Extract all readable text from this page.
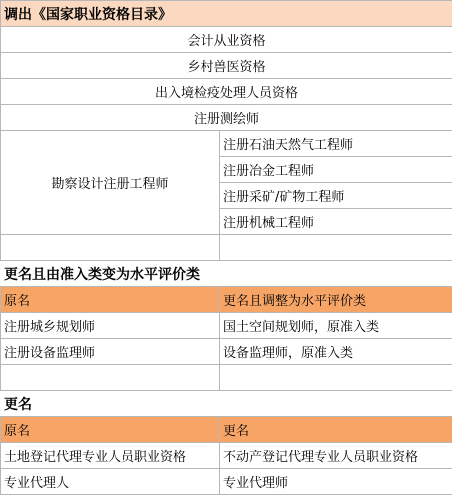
调出《国家职业资格目录》	
会计从业资格	
乡村兽医资格	
出入境检疫处理人员资格	
注册测绘师	
勘察设计注册工程师	注册石油天然气工程师
	注册冶金工程师
	注册采矿/矿物工程师
	注册机械工程师

更名且由准入类变为水平评价类	
原名	更名且调整为水平评价类
注册城乡规划师	国土空间规划师，原准入类
注册设备监理师	设备监理师，原准入类

更名	
原名	更名
土地登记代理专业人员职业资格	不动产登记代理专业人员职业资格
专业代理人	专业代理师
